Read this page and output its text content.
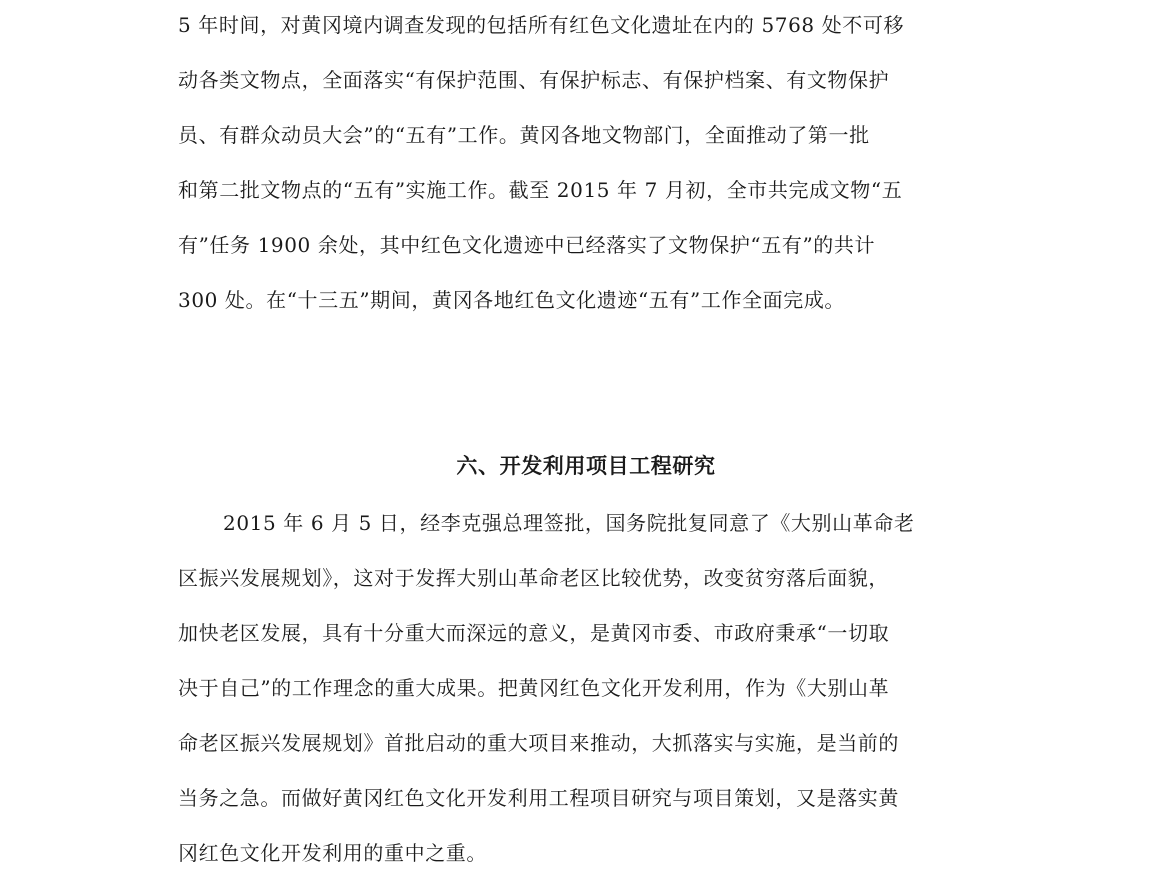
5 年时间，对黄冈境内调查发现的包括所有红色文化遗址在内的 5768 处不可移
动各类文物点，全面落实“有保护范围、有保护标志、有保护档案、有文物保护
员、有群众动员大会”的“五有”工作。黄冈各地文物部门，全面推动了第一批
和第二批文物点的“五有”实施工作。截至 2015 年 7 月初，全市共完成文物“五
有”任务 1900 余处，其中红色文化遗迹中已经落实了文物保护“五有”的共计
300 处。在“十三五”期间，黄冈各地红色文化遗迹“五有”工作全面完成。
六、开发利用项目工程研究
2015 年 6 月 5 日，经李克强总理签批，国务院批复同意了《大别山革命老
区振兴发展规划》，这对于发挥大别山革命老区比较优势，改变贫穷落后面貌，
加快老区发展，具有十分重大而深远的意义，是黄冈市委、市政府秉承“一切取
决于自己”的工作理念的重大成果。把黄冈红色文化开发利用，作为《大别山革
命老区振兴发展规划》首批启动的重大项目来推动，大抓落实与实施，是当前的
当务之急。而做好黄冈红色文化开发利用工程项目研究与项目策划，又是落实黄
冈红色文化开发利用的重中之重。
